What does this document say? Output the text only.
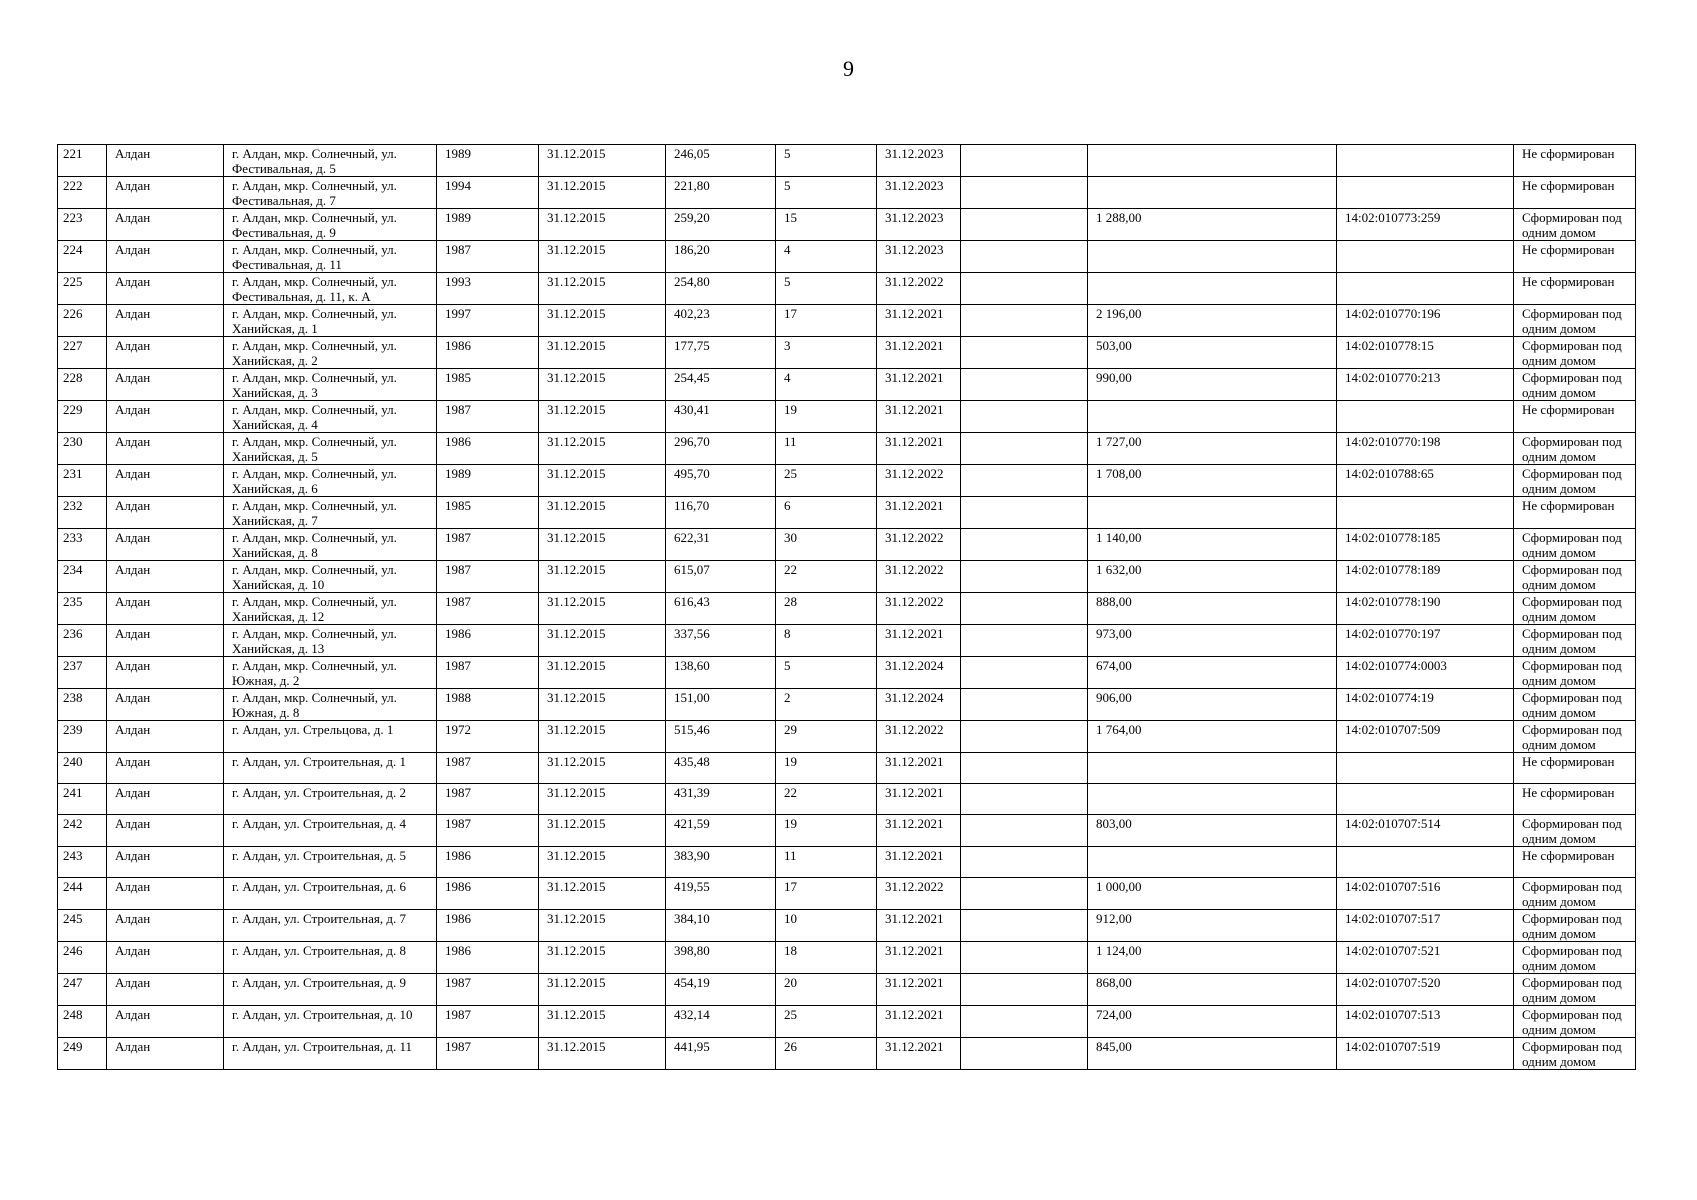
9
221	Алдан	г. Алдан, мкр. Солнечный, ул. Фестивальная, д. 5	1989	31.12.2015	246,05	5	31.12.2023				Не сформирован
222	Алдан	г. Алдан, мкр. Солнечный, ул. Фестивальная, д. 7	1994	31.12.2015	221,80	5	31.12.2023				Не сформирован
223	Алдан	г. Алдан, мкр. Солнечный, ул. Фестивальная, д. 9	1989	31.12.2015	259,20	15	31.12.2023		1 288,00	14:02:010773:259	Сформирован под одним домом
224	Алдан	г. Алдан, мкр. Солнечный, ул. Фестивальная, д. 11	1987	31.12.2015	186,20	4	31.12.2023				Не сформирован
225	Алдан	г. Алдан, мкр. Солнечный, ул. Фестивальная, д. 11, к. А	1993	31.12.2015	254,80	5	31.12.2022				Не сформирован
226	Алдан	г. Алдан, мкр. Солнечный, ул. Ханийская, д. 1	1997	31.12.2015	402,23	17	31.12.2021		2 196,00	14:02:010770:196	Сформирован под одним домом
227	Алдан	г. Алдан, мкр. Солнечный, ул. Ханийская, д. 2	1986	31.12.2015	177,75	3	31.12.2021		503,00	14:02:010778:15	Сформирован под одним домом
228	Алдан	г. Алдан, мкр. Солнечный, ул. Ханийская, д. 3	1985	31.12.2015	254,45	4	31.12.2021		990,00	14:02:010770:213	Сформирован под одним домом
229	Алдан	г. Алдан, мкр. Солнечный, ул. Ханийская, д. 4	1987	31.12.2015	430,41	19	31.12.2021				Не сформирован
230	Алдан	г. Алдан, мкр. Солнечный, ул. Ханийская, д. 5	1986	31.12.2015	296,70	11	31.12.2021		1 727,00	14:02:010770:198	Сформирован под одним домом
231	Алдан	г. Алдан, мкр. Солнечный, ул. Ханийская, д. 6	1989	31.12.2015	495,70	25	31.12.2022		1 708,00	14:02:010788:65	Сформирован под одним домом
232	Алдан	г. Алдан, мкр. Солнечный, ул. Ханийская, д. 7	1985	31.12.2015	116,70	6	31.12.2021				Не сформирован
233	Алдан	г. Алдан, мкр. Солнечный, ул. Ханийская, д. 8	1987	31.12.2015	622,31	30	31.12.2022		1 140,00	14:02:010778:185	Сформирован под одним домом
234	Алдан	г. Алдан, мкр. Солнечный, ул. Ханийская, д. 10	1987	31.12.2015	615,07	22	31.12.2022		1 632,00	14:02:010778:189	Сформирован под одним домом
235	Алдан	г. Алдан, мкр. Солнечный, ул. Ханийская, д. 12	1987	31.12.2015	616,43	28	31.12.2022		888,00	14:02:010778:190	Сформирован под одним домом
236	Алдан	г. Алдан, мкр. Солнечный, ул. Ханийская, д. 13	1986	31.12.2015	337,56	8	31.12.2021		973,00	14:02:010770:197	Сформирован под одним домом
237	Алдан	г. Алдан, мкр. Солнечный, ул. Южная, д. 2	1987	31.12.2015	138,60	5	31.12.2024		674,00	14:02:010774:0003	Сформирован под одним домом
238	Алдан	г. Алдан, мкр. Солнечный, ул. Южная, д. 8	1988	31.12.2015	151,00	2	31.12.2024		906,00	14:02:010774:19	Сформирован под одним домом
239	Алдан	г. Алдан, ул. Стрельцова, д. 1	1972	31.12.2015	515,46	29	31.12.2022		1 764,00	14:02:010707:509	Сформирован под одним домом
240	Алдан	г. Алдан, ул. Строительная, д. 1	1987	31.12.2015	435,48	19	31.12.2021				Не сформирован
241	Алдан	г. Алдан, ул. Строительная, д. 2	1987	31.12.2015	431,39	22	31.12.2021				Не сформирован
242	Алдан	г. Алдан, ул. Строительная, д. 4	1987	31.12.2015	421,59	19	31.12.2021		803,00	14:02:010707:514	Сформирован под одним домом
243	Алдан	г. Алдан, ул. Строительная, д. 5	1986	31.12.2015	383,90	11	31.12.2021				Не сформирован
244	Алдан	г. Алдан, ул. Строительная, д. 6	1986	31.12.2015	419,55	17	31.12.2022		1 000,00	14:02:010707:516	Сформирован под одним домом
245	Алдан	г. Алдан, ул. Строительная, д. 7	1986	31.12.2015	384,10	10	31.12.2021		912,00	14:02:010707:517	Сформирован под одним домом
246	Алдан	г. Алдан, ул. Строительная, д. 8	1986	31.12.2015	398,80	18	31.12.2021		1 124,00	14:02:010707:521	Сформирован под одним домом
247	Алдан	г. Алдан, ул. Строительная, д. 9	1987	31.12.2015	454,19	20	31.12.2021		868,00	14:02:010707:520	Сформирован под одним домом
248	Алдан	г. Алдан, ул. Строительная, д. 10	1987	31.12.2015	432,14	25	31.12.2021		724,00	14:02:010707:513	Сформирован под одним домом
249	Алдан	г. Алдан, ул. Строительная, д. 11	1987	31.12.2015	441,95	26	31.12.2021		845,00	14:02:010707:519	Сформирован под одним домом
